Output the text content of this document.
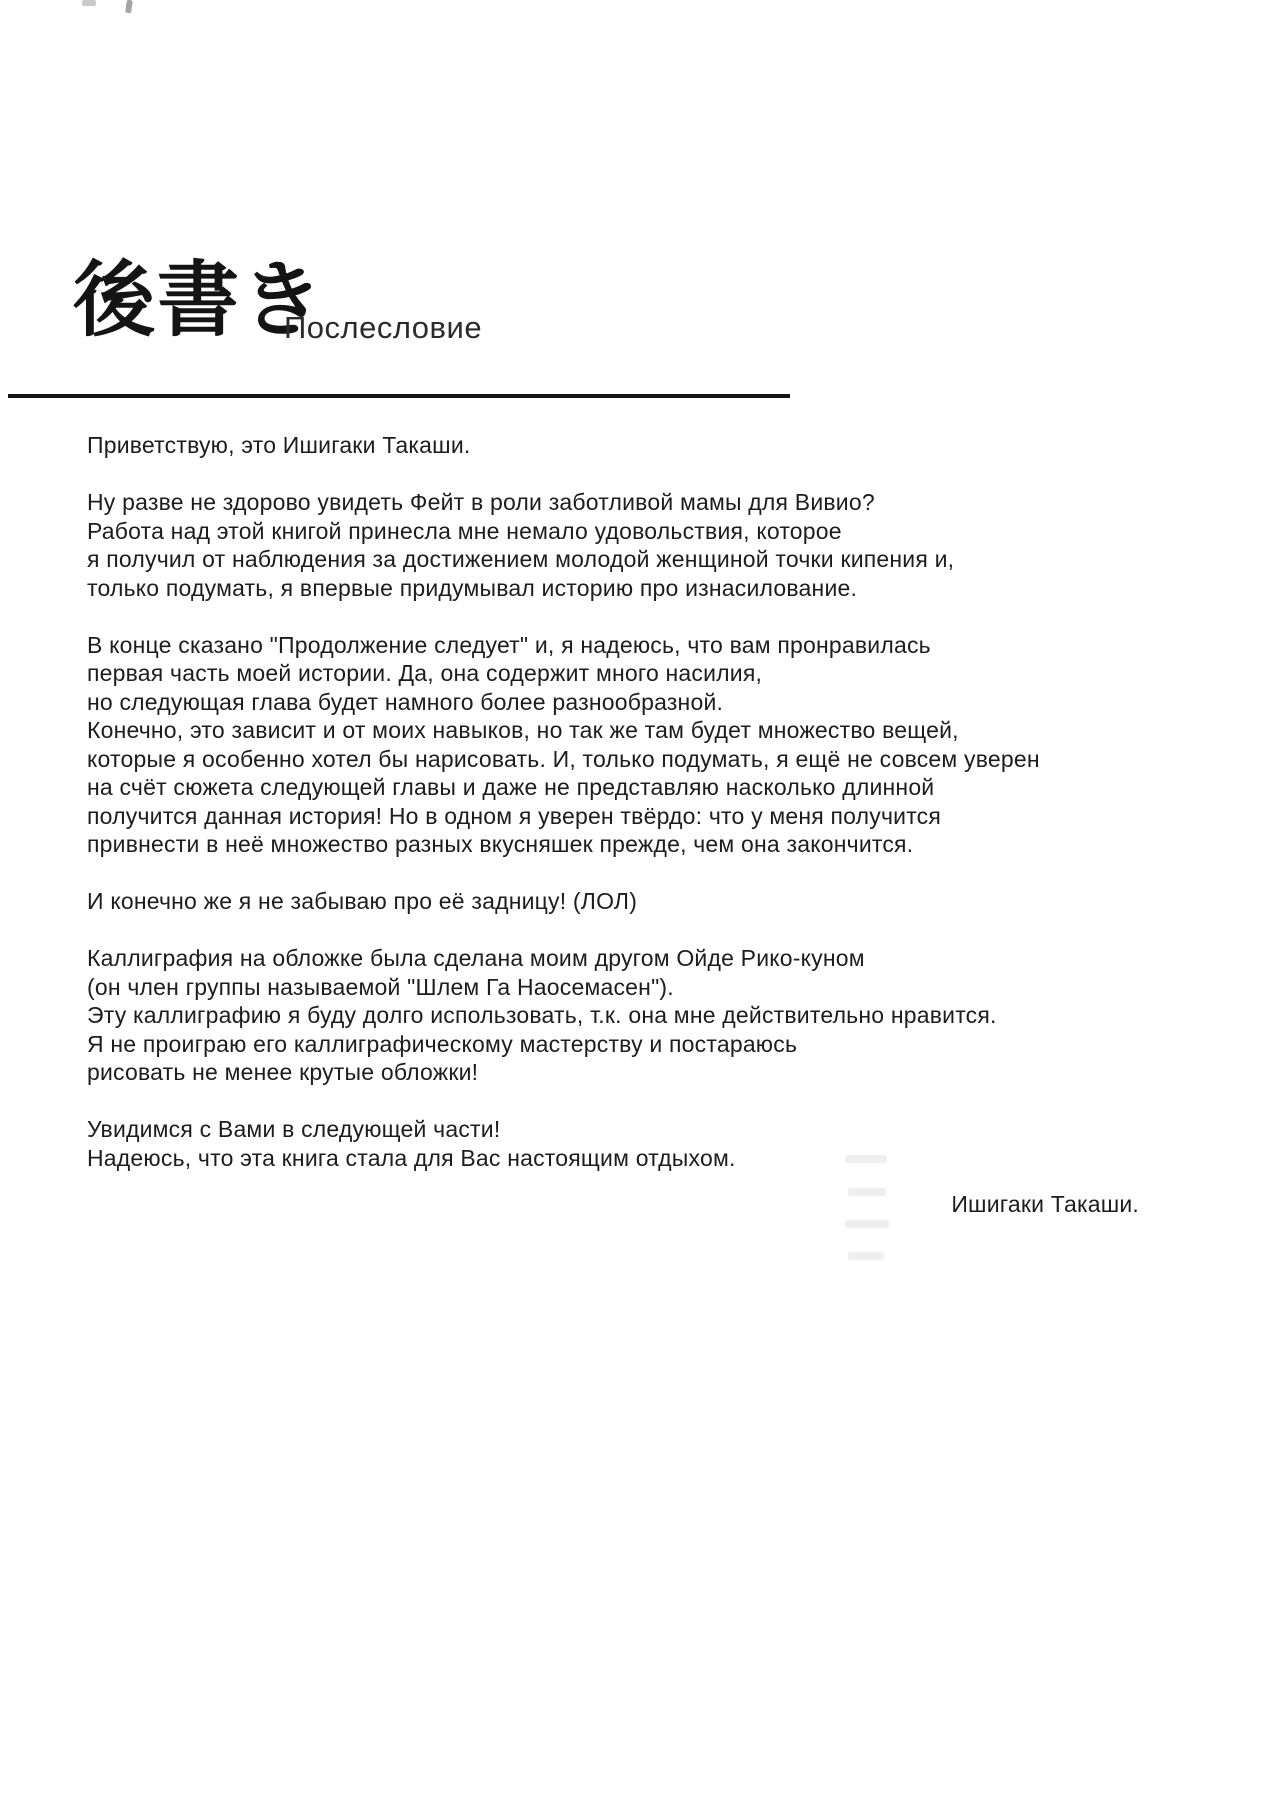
後書き
Послесловие
Приветствую, это Ишигаки Такаши.
Ну разве не здорово увидеть Фейт в роли заботливой мамы для Вивио?
Работа над этой книгой принесла мне немало удовольствия, которое
я получил от наблюдения за достижением молодой женщиной точки кипения и,
только подумать, я впервые придумывал историю про изнасилование.
В конце сказано "Продолжение следует" и, я надеюсь, что вам пронравилась
первая часть моей истории. Да, она содержит много насилия,
но следующая глава будет намного более разнообразной.
Конечно, это зависит и от моих навыков, но так же там будет множество вещей,
которые я особенно хотел бы нарисовать. И, только подумать, я ещё не совсем уверен
на счёт сюжета следующей главы и даже не представляю насколько длинной
получится данная история! Но в одном я уверен твёрдо: что у меня получится
привнести в неё множество разных вкусняшек прежде, чем она закончится.
И конечно же я не забываю про её задницу! (ЛОЛ)
Каллиграфия на обложке была сделана моим другом Ойде Рико-куном
(он член группы называемой "Шлем Га Наосемасен").
Эту каллиграфию я буду долго использовать, т.к. она мне действительно нравится.
Я не проиграю его каллиграфическому мастерству и постараюсь
рисовать не менее крутые обложки!
Увидимся с Вами в следующей части!
Надеюсь, что эта книга стала для Вас настоящим отдыхом.
Ишигаки Такаши.
